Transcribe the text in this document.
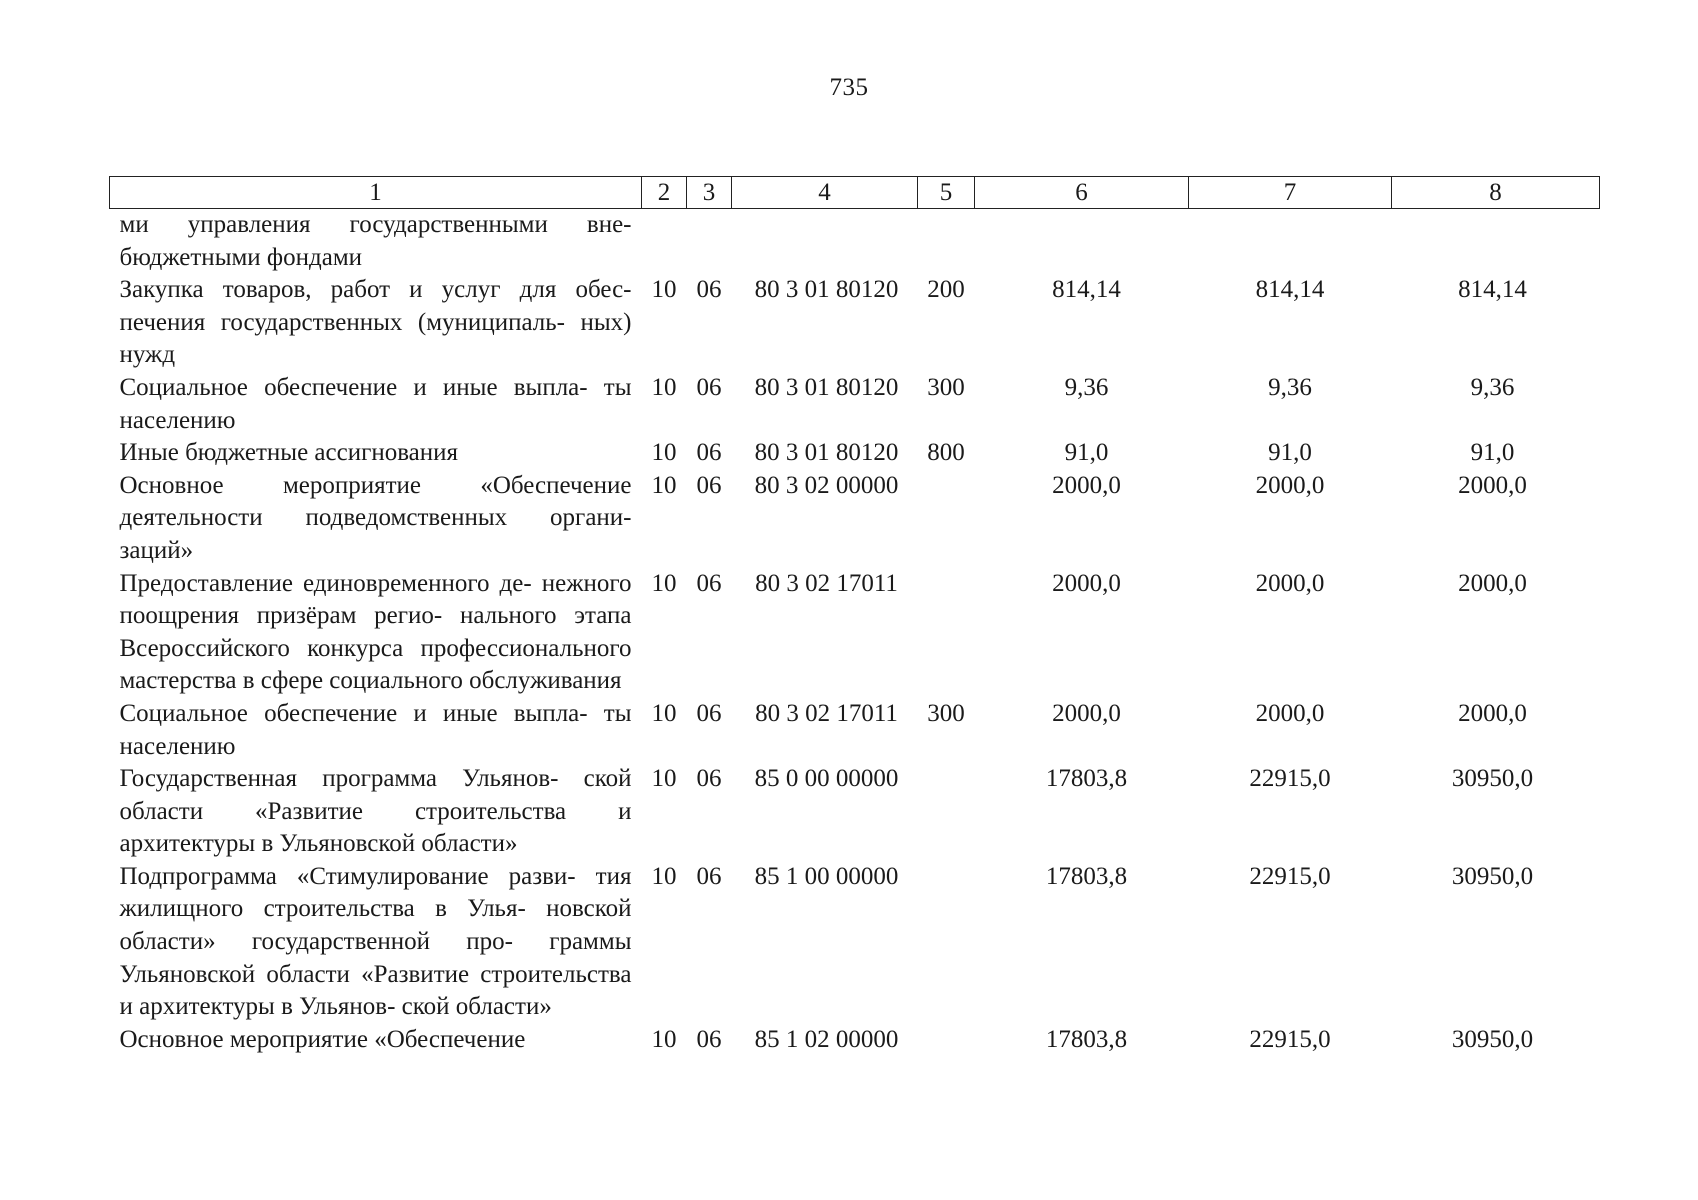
735
1	2	3	4	5	6	7	8
ми управления государственными вне- бюджетными фондами							
Закупка товаров, работ и услуг для обес- печения государственных (муниципаль- ных) нужд	10	06	80 3 01 80120	200	814,14	814,14	814,14
Социальное обеспечение и иные выпла- ты населению	10	06	80 3 01 80120	300	9,36	9,36	9,36
Иные бюджетные ассигнования	10	06	80 3 01 80120	800	91,0	91,0	91,0
Основное мероприятие «Обеспечение деятельности подведомственных органи- заций»	10	06	80 3 02 00000		2000,0	2000,0	2000,0
Предоставление единовременного де- нежного поощрения призёрам регио- нального этапа Всероссийского конкурса профессионального мастерства в сфере социального обслуживания	10	06	80 3 02 17011		2000,0	2000,0	2000,0
Социальное обеспечение и иные выпла- ты населению	10	06	80 3 02 17011	300	2000,0	2000,0	2000,0
Государственная программа Ульянов- ской области «Развитие строительства и архитектуры в Ульяновской области»	10	06	85 0 00 00000		17803,8	22915,0	30950,0
Подпрограмма «Стимулирование разви- тия жилищного строительства в Улья- новской области» государственной про- граммы Ульяновской области «Развитие строительства и архитектуры в Ульянов- ской области»	10	06	85 1 00 00000		17803,8	22915,0	30950,0
Основное мероприятие «Обеспечение	10	06	85 1 02 00000		17803,8	22915,0	30950,0
